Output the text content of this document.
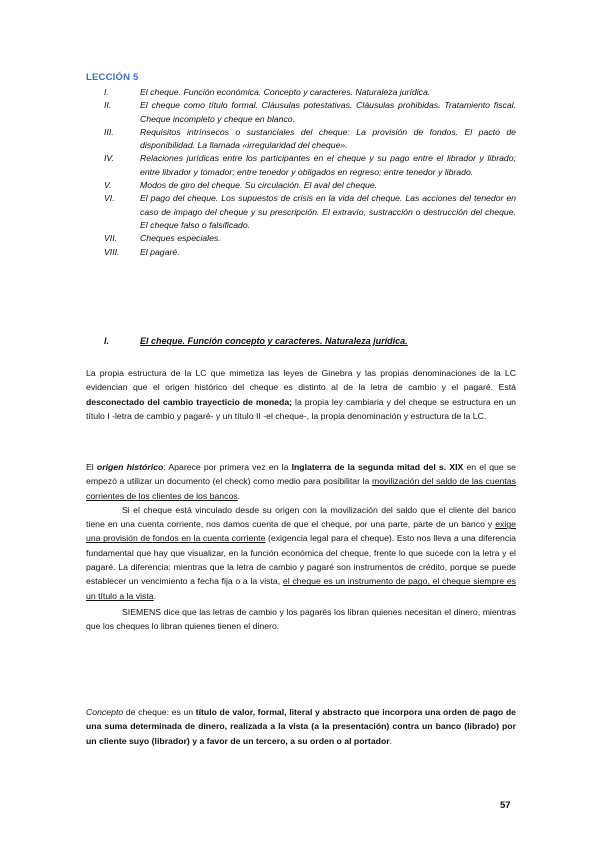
LECCIÓN 5
I.	El cheque. Función económica. Concepto y caracteres. Naturaleza jurídica.
II.	El cheque como título formal. Cláusulas potestativas. Cláusulas prohibidas. Tratamiento fiscal. Cheque incompleto y cheque en blanco.
III.	Requisitos intrínsecos o sustanciales del cheque: La provisión de fondos. El pacto de disponibilidad. La llamada «irregularidad del cheque».
IV.	Relaciones jurídicas entre los participantes en el cheque y su pago entre el librador y librado; entre librador y tomador; entre tenedor y obligados en regreso; entre tenedor y librado.
V.	Modos de giro del cheque. Su circulación. El aval del cheque.
VI.	El pago del cheque. Los supuestos de crisis en la vida del cheque. Las acciones del tenedor en caso de impago del cheque y su prescripción. El extravío, sustracción o destrucción del cheque. El cheque falso o falsificado.
VII.	Cheques especiales.
VIII.	El pagaré.
I.	El cheque. Función concepto y caracteres. Naturaleza jurídica.

La propia estructura de la LC que mimetiza las leyes de Ginebra y las propias denominaciones de la LC evidencian que el origen histórico del cheque es distinto al de la letra de cambio y el pagaré. Está desconectado del cambio trayecticio de moneda; la propia ley cambiaria y del cheque se estructura en un título I -letra de cambio y pagaré- y un título II -el cheque-, la propia denominación y estructura de la LC.

El origen histórico: Aparece por primera vez en la Inglaterra de la segunda mitad del s. XIX en el que se empezó a utilizar un documento (el check) como medio para posibilitar la movilización del saldo de las cuentas corrientes de los clientes de los bancos.

Si el cheque está vinculado desde su origen con la movilización del saldo que el cliente del banco tiene en una cuenta corriente, nos damos cuenta de que el cheque, por una parte, parte de un banco y exige una provisión de fondos en la cuenta corriente (exigencia legal para el cheque). Esto nos lleva a una diferencia fundamental que hay que visualizar, en la función económica del cheque, frente lo que sucede con la letra y el pagaré. La diferencia: mientras que la letra de cambio y pagaré son instrumentos de crédito, porque se puede establecer un vencimiento a fecha fija o a la vista, el cheque es un instrumento de pago, el cheque siempre es un título a la vista.

SIEMENS dice que las letras de cambio y los pagarés los libran quienes necesitan el dinero, mientras que los cheques lo libran quienes tienen el dinero.

Concepto de cheque: es un título de valor, formal, literal y abstracto que incorpora una orden de pago de una suma determinada de dinero, realizada a la vista (a la presentación) contra un banco (librado) por un cliente suyo (librador) y a favor de un tercero, a su orden o al portador.

57
